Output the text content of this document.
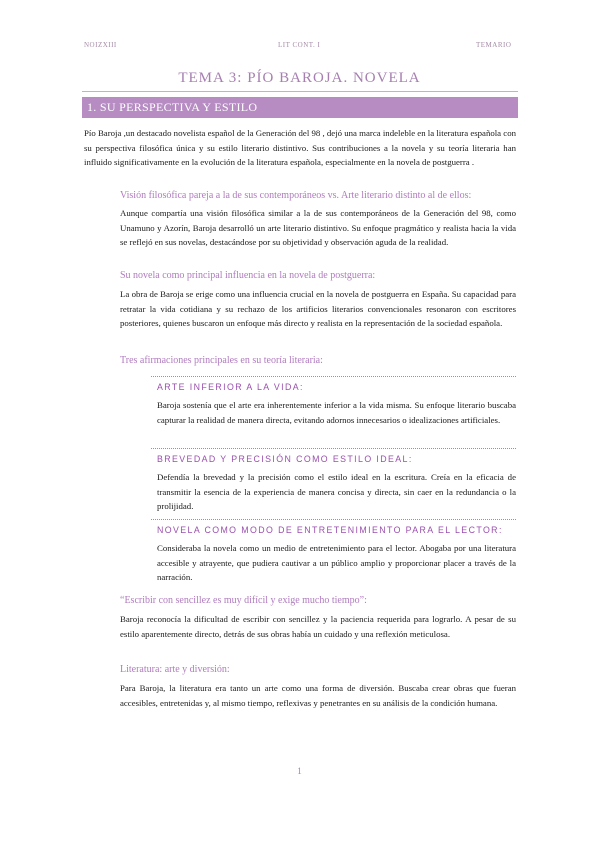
NOIZXIII	LIT CONT. I	TEMARIO
TEMA 3: PÍO BAROJA. NOVELA
1. SU PERSPECTIVA Y ESTILO

Pío Baroja ,un destacado novelista español de la Generación del 98 , dejó una marca indeleble en la literatura española con su perspectiva filosófica única y su estilo literario distintivo. Sus contribuciones a la novela y su teoría literaria han influido significativamente en la evolución de la literatura española, especialmente en la novela de postguerra .

Visión filosófica pareja a la de sus contemporáneos vs. Arte literario distinto al de ellos:

Aunque compartía una visión filosófica similar a la de sus contemporáneos de la Generación del 98, como Unamuno y Azorín, Baroja desarrolló un arte literario distintivo. Su enfoque pragmático y realista hacia la vida se reflejó en sus novelas, destacándose por su objetividad y observación aguda de la realidad.

Su novela como principal influencia en la novela de postguerra:

La obra de Baroja se erige como una influencia crucial en la novela de postguerra en España. Su capacidad para retratar la vida cotidiana y su rechazo de los artificios literarios convencionales resonaron con escritores posteriores, quienes buscaron un enfoque más directo y realista en la representación de la sociedad española.

Tres afirmaciones principales en su teoría literaria:
ARTE INFERIOR A LA VIDA:

Baroja sostenía que el arte era inherentemente inferior a la vida misma. Su enfoque literario buscaba capturar la realidad de manera directa, evitando adornos innecesarios o idealizaciones artificiales.

BREVEDAD Y PRECISIÓN COMO ESTILO IDEAL:

Defendía la brevedad y la precisión como el estilo ideal en la escritura. Creía en la eficacia de transmitir la esencia de la experiencia de manera concisa y directa, sin caer en la redundancia o la prolijidad.

NOVELA COMO MODO DE ENTRETENIMIENTO PARA EL LECTOR:

Consideraba la novela como un medio de entretenimiento para el lector. Abogaba por una literatura accesible y atrayente, que pudiera cautivar a un público amplio y proporcionar placer a través de la narración.

“Escribir con sencillez es muy difícil y exige mucho tiempo”:

Baroja reconocía la dificultad de escribir con sencillez y la paciencia requerida para lograrlo. A pesar de su estilo aparentemente directo, detrás de sus obras había un cuidado y una reflexión meticulosa.

Literatura: arte y diversión:

Para Baroja, la literatura era tanto un arte como una forma de diversión. Buscaba crear obras que fueran accesibles, entretenidas y, al mismo tiempo, reflexivas y penetrantes en su análisis de la condición humana.

1
